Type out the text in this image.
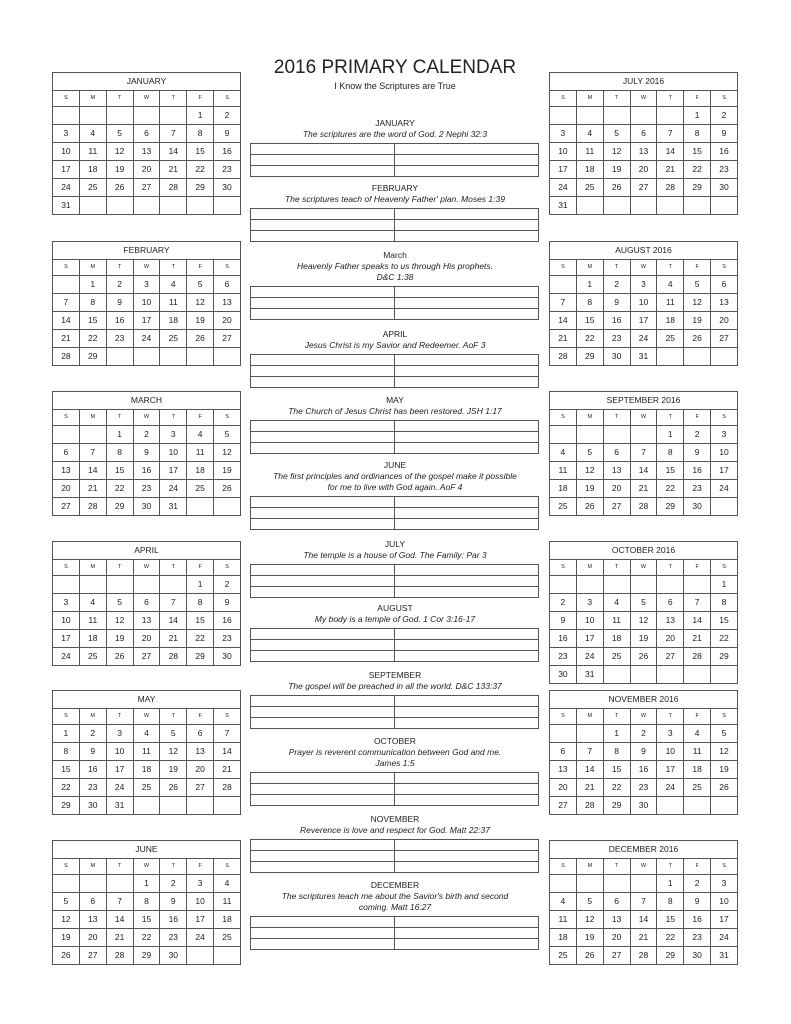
2016 PRIMARY CALENDAR
I Know the Scriptures are True
JANUARY						
S	M	T	W	T	F	S
					1	2
3	4	5	6	7	8	9
10	11	12	13	14	15	16
17	18	19	20	21	22	23
24	25	26	27	28	29	30
31						
FEBRUARY						
S	M	T	W	T	F	S
	1	2	3	4	5	6
7	8	9	10	11	12	13
14	15	16	17	18	19	20
21	22	23	24	25	26	27
28	29					
MARCH						
S	M	T	W	T	F	S
		1	2	3	4	5
6	7	8	9	10	11	12
13	14	15	16	17	18	19
20	21	22	23	24	25	26
27	28	29	30	31		
APRIL						
S	M	T	W	T	F	S
					1	2
3	4	5	6	7	8	9
10	11	12	13	14	15	16
17	18	19	20	21	22	23
24	25	26	27	28	29	30
MAY						
S	M	T	W	T	F	S
1	2	3	4	5	6	7
8	9	10	11	12	13	14
15	16	17	18	19	20	21
22	23	24	25	26	27	28
29	30	31				
JUNE						
S	M	T	W	T	F	S
			1	2	3	4
5	6	7	8	9	10	11
12	13	14	15	16	17	18
19	20	21	22	23	24	25
26	27	28	29	30		
JULY 2016						
S	M	T	W	T	F	S
					1	2
3	4	5	6	7	8	9
10	11	12	13	14	15	16
17	18	19	20	21	22	23
24	25	26	27	28	29	30
31						
AUGUST 2016						
S	M	T	W	T	F	S
	1	2	3	4	5	6
7	8	9	10	11	12	13
14	15	16	17	18	19	20
21	22	23	24	25	26	27
28	29	30	31			
SEPTEMBER 2016						
S	M	T	W	T	F	S
				1	2	3
4	5	6	7	8	9	10
11	12	13	14	15	16	17
18	19	20	21	22	23	24
25	26	27	28	29	30	
OCTOBER 2016						
S	M	T	W	T	F	S
						1
2	3	4	5	6	7	8
9	10	11	12	13	14	15
16	17	18	19	20	21	22
23	24	25	26	27	28	29
30	31					
NOVEMBER 2016						
S	M	T	W	T	F	S
		1	2	3	4	5
6	7	8	9	10	11	12
13	14	15	16	17	18	19
20	21	22	23	24	25	26
27	28	29	30			
DECEMBER 2016						
S	M	T	W	T	F	S
				1	2	3
4	5	6	7	8	9	10
11	12	13	14	15	16	17
18	19	20	21	22	23	24
25	26	27	28	29	30	31
JANUARY
The scriptures are the word of God. 2 Nephi 32:3

FEBRUARY
The scriptures teach of Heavenly Father' plan. Moses 1:39

March
Heavenly Father speaks to us through His prophets.
D&C 1:38

APRIL
Jesus Christ is my Savior and Redeemer. AoF 3

MAY
The Church of Jesus Christ has been restored. JSH 1:17

JUNE
The first principles and ordinances of the gospel make it possible
for me to live with God again. AoF 4

JULY
The temple is a house of God. The Family: Par 3

AUGUST
My body is a temple of God. 1 Cor 3:16-17

SEPTEMBER
The gospel will be preached in all the world. D&C 133:37

OCTOBER
Prayer is reverent communication between God and me.
James 1:5

NOVEMBER
Reverence is love and respect for God. Matt 22:37

DECEMBER
The scriptures teach me about the Savior's birth and second
coming. Matt 16:27
